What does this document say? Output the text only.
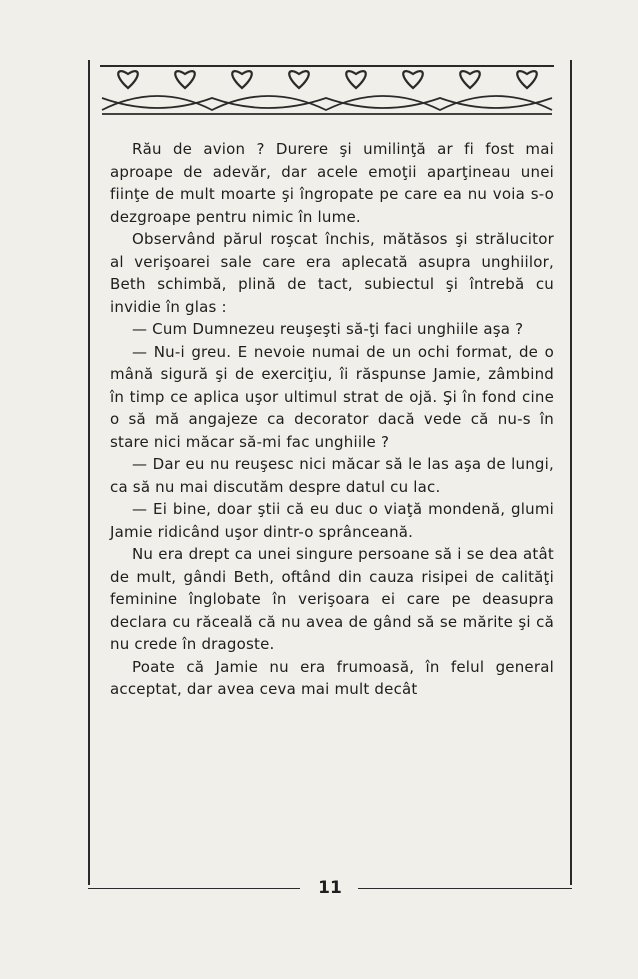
Rău de avion ? Durere şi umilinţă ar fi fost mai aproape de adevăr, dar acele emoţii aparţineau unei fiinţe de mult moarte şi îngropate pe care ea nu voia s-o dezgroape pentru nimic în lume.

Observând părul roşcat închis, mătăsos şi strălucitor al verişoarei sale care era aplecată asupra unghiilor, Beth schimbă, plină de tact, subiectul şi întrebă cu invidie în glas :

— Cum Dumnezeu reuşeşti să-ţi faci unghiile aşa ?

— Nu-i greu. E nevoie numai de un ochi format, de o mână sigură şi de exerciţiu, îi răspunse Jamie, zâmbind în timp ce aplica uşor ultimul strat de ojă. Şi în fond cine o să mă angajeze ca decorator dacă vede că nu-s în stare nici măcar să-mi fac unghiile ?

— Dar eu nu reuşesc nici măcar să le las aşa de lungi, ca să nu mai discutăm despre datul cu lac.

— Ei bine, doar ştii că eu duc o viaţă mondenă, glumi Jamie ridicând uşor dintr-o sprânceană.

Nu era drept ca unei singure persoane să i se dea atât de mult, gândi Beth, oftând din cauza risipei de calităţi feminine înglobate în verişoara ei care pe deasupra declara cu răceală că nu avea de gând să se mărite şi că nu crede în dragoste.

Poate că Jamie nu era frumoasă, în felul general acceptat, dar avea ceva mai mult decât

11
